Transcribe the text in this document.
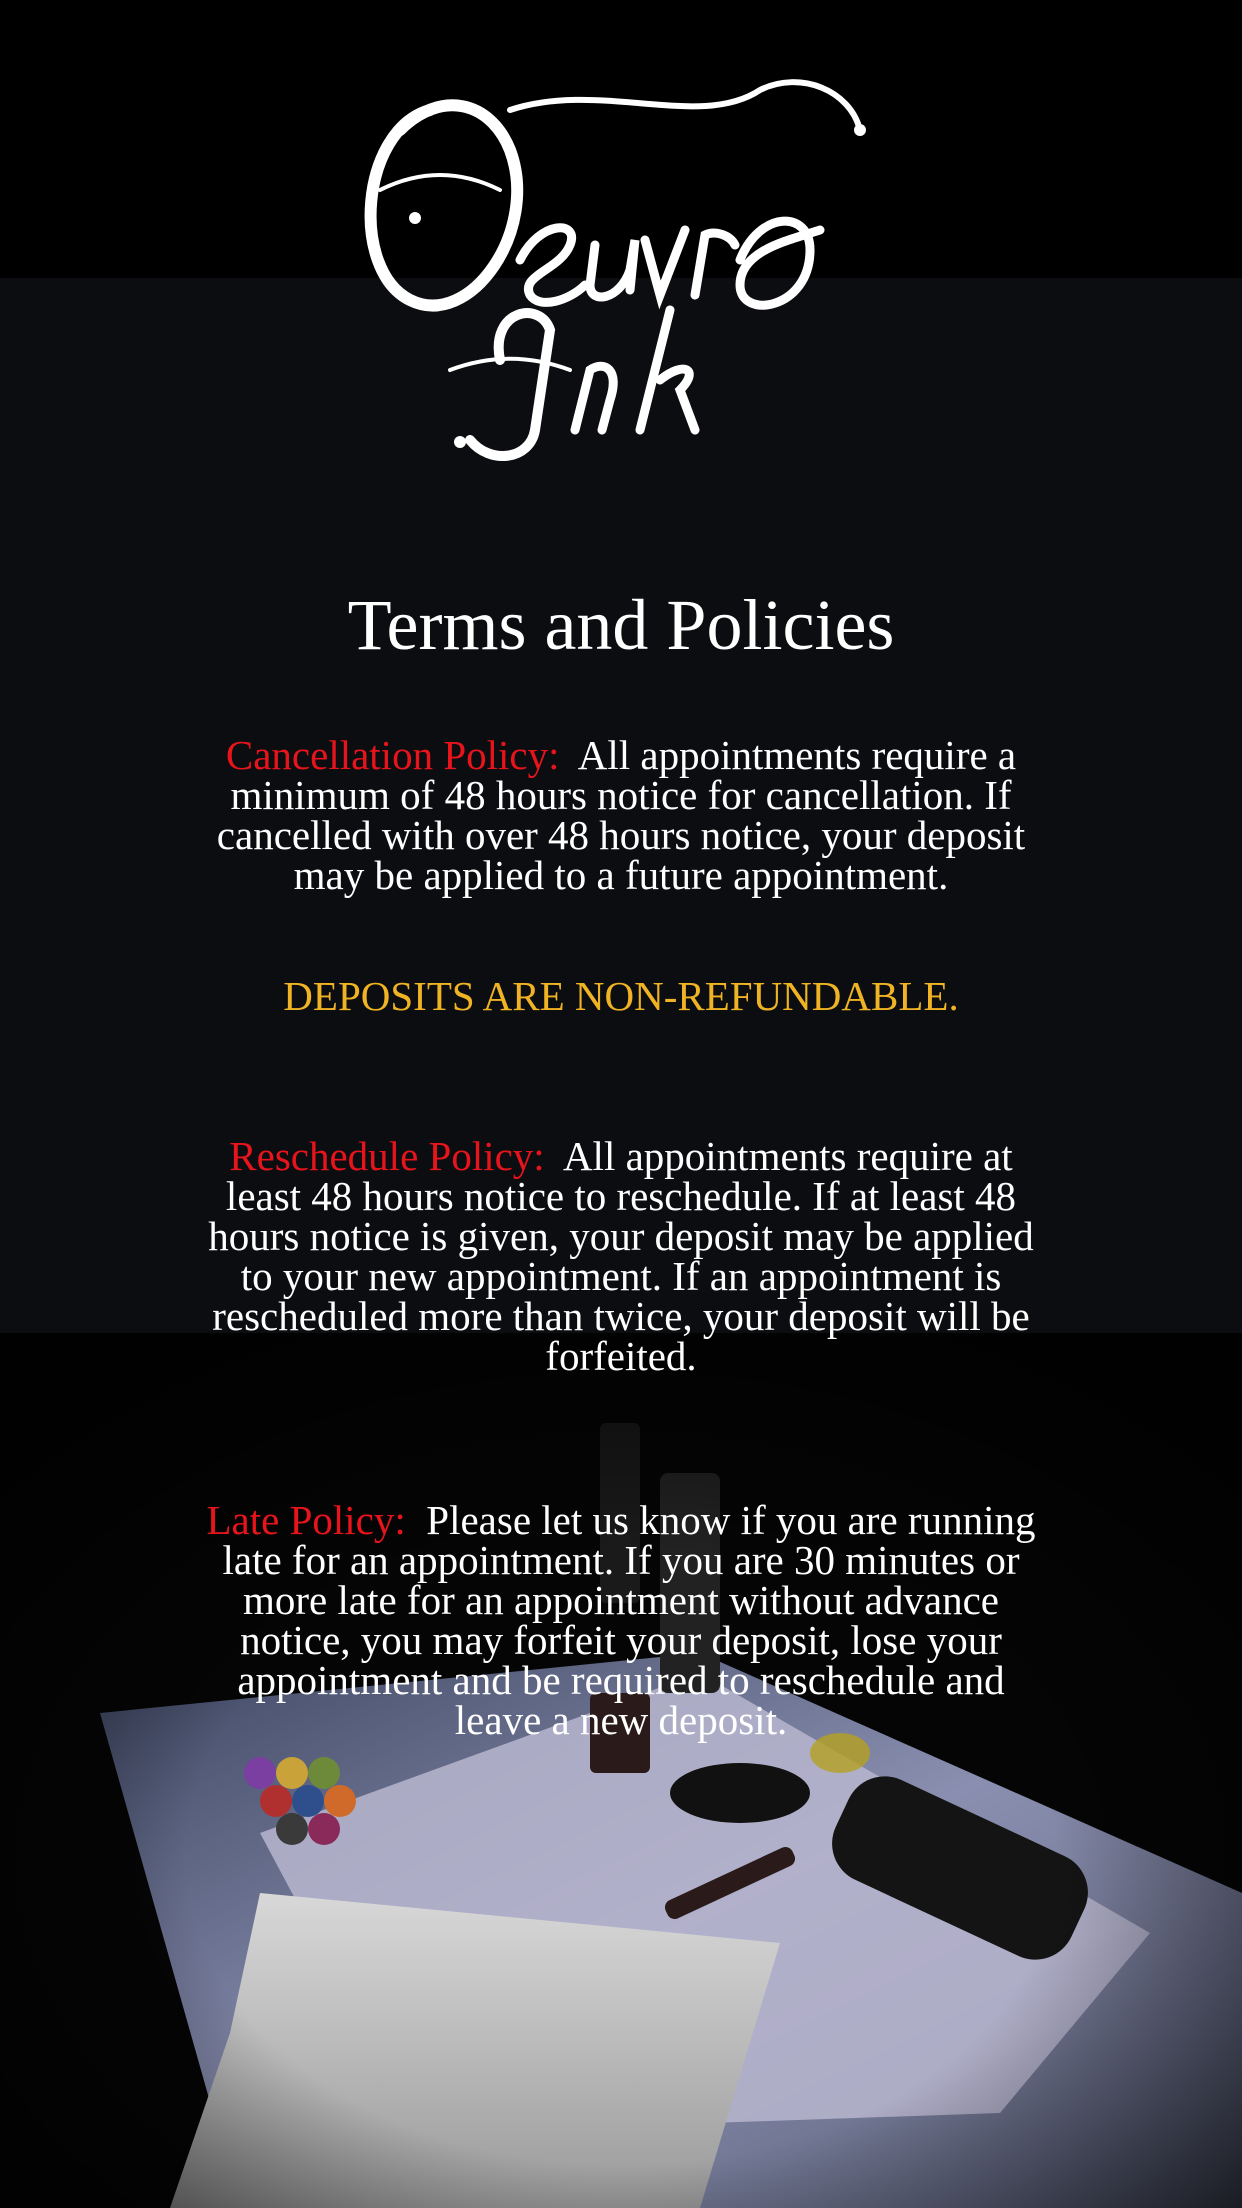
Terms and Policies
Cancellation Policy: All appointments require a minimum of 48 hours notice for cancellation. If cancelled with over 48 hours notice, your deposit may be applied to a future appointment.
DEPOSITS ARE NON-REFUNDABLE.
Reschedule Policy: All appointments require at least 48 hours notice to reschedule. If at least 48 hours notice is given, your deposit may be applied to your new appointment. If an appointment is rescheduled more than twice, your deposit will be forfeited.
Late Policy: Please let us know if you are running late for an appointment. If you are 30 minutes or more late for an appointment without advance notice, you may forfeit your deposit, lose your appointment and be required to reschedule and leave a new deposit.
